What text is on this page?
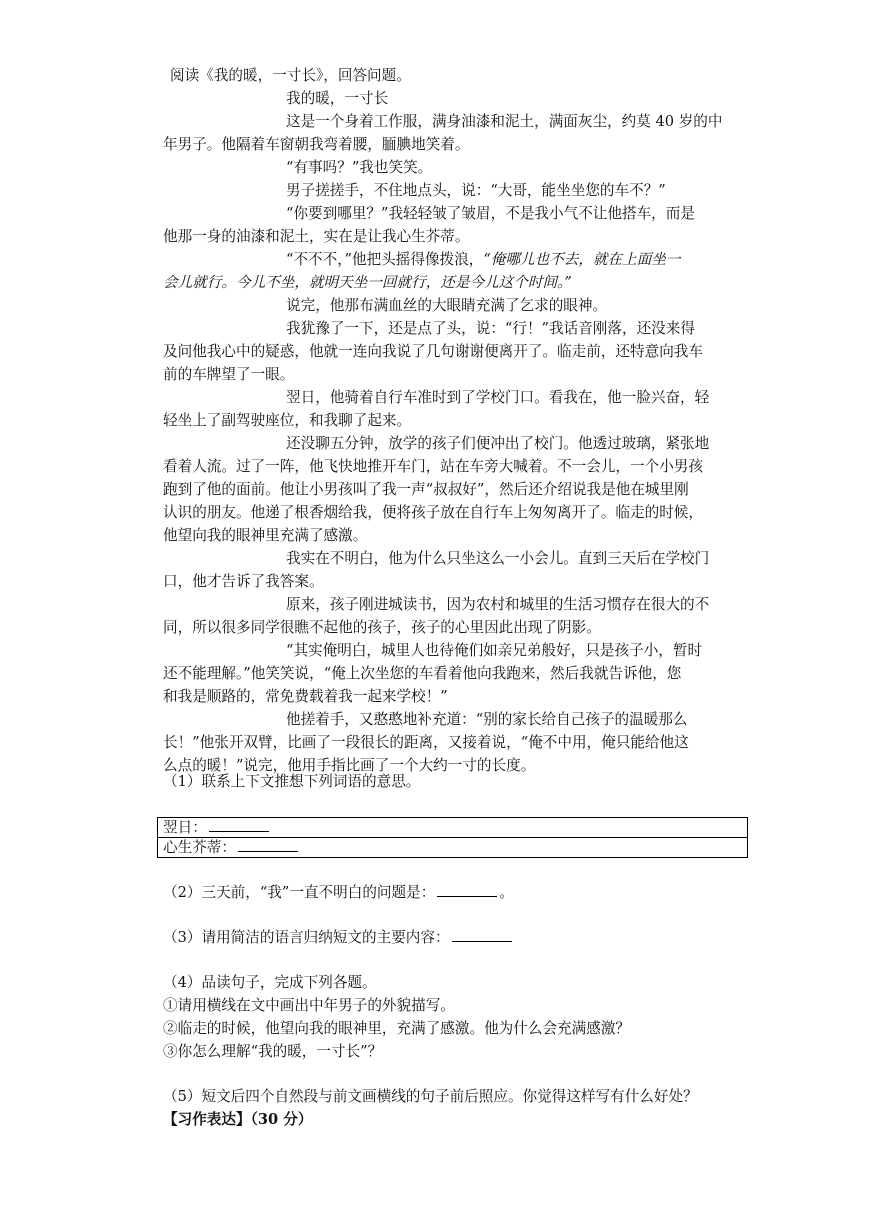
阅读《我的暖，一寸长》，回答问题。
我的暖，一寸长
这是一个身着工作服，满身油漆和泥土，满面灰尘，约莫 40 岁的中
年男子。他隔着车窗朝我弯着腰，腼腆地笑着。
“有事吗？”我也笑笑。
男子搓搓手，不住地点头，说：“大哥，能坐坐您的车不？”
“你要到哪里？”我轻轻皱了皱眉，不是我小气不让他搭车，而是
他那一身的油漆和泥土，实在是让我心生芥蒂。
“不不不，”他把头摇得像拨浪，“俺哪儿也不去，就在上面坐一
会儿就行。今儿不坐，就明天坐一回就行，还是今儿这个时间。”
说完，他那布满血丝的大眼睛充满了乞求的眼神。
我犹豫了一下，还是点了头，说：“行！”我话音刚落，还没来得
及问他我心中的疑惑，他就一连向我说了几句谢谢便离开了。临走前，还特意向我车
前的车牌望了一眼。
翌日，他骑着自行车准时到了学校门口。看我在，他一脸兴奋，轻
轻坐上了副驾驶座位，和我聊了起来。
还没聊五分钟，放学的孩子们便冲出了校门。他透过玻璃，紧张地
看着人流。过了一阵，他飞快地推开车门，站在车旁大喊着。不一会儿，一个小男孩
跑到了他的面前。他让小男孩叫了我一声“叔叔好”，然后还介绍说我是他在城里刚
认识的朋友。他递了根香烟给我，便将孩子放在自行车上匆匆离开了。临走的时候，
他望向我的眼神里充满了感激。
我实在不明白，他为什么只坐这么一小会儿。直到三天后在学校门
口，他才告诉了我答案。
原来，孩子刚进城读书，因为农村和城里的生活习惯存在很大的不
同，所以很多同学很瞧不起他的孩子，孩子的心里因此出现了阴影。
“其实俺明白，城里人也待俺们如亲兄弟般好，只是孩子小，暂时
还不能理解。”他笑笑说，“俺上次坐您的车看着他向我跑来，然后我就告诉他，您
和我是顺路的，常免费载着我一起来学校！”
他搓着手，又憨憨地补充道：“别的家长给自己孩子的温暖那么
长！”他张开双臂，比画了一段很长的距离，又接着说，“俺不中用，俺只能给他这
么点的暖！”说完，他用手指比画了一个大约一寸的长度。
（1）联系上下文推想下列词语的意思。
翌日：
心生芥蒂：
（2）三天前，“我”一直不明白的问题是：	。
（3）请用简洁的语言归纳短文的主要内容：
（4）品读句子，完成下列各题。
①请用横线在文中画出中年男子的外貌描写。
②临走的时候，他望向我的眼神里，充满了感激。他为什么会充满感激？
③你怎么理解“我的暖，一寸长”？
（5）短文后四个自然段与前文画横线的句子前后照应。你觉得这样写有什么好处？
【习作表达】（30 分）
